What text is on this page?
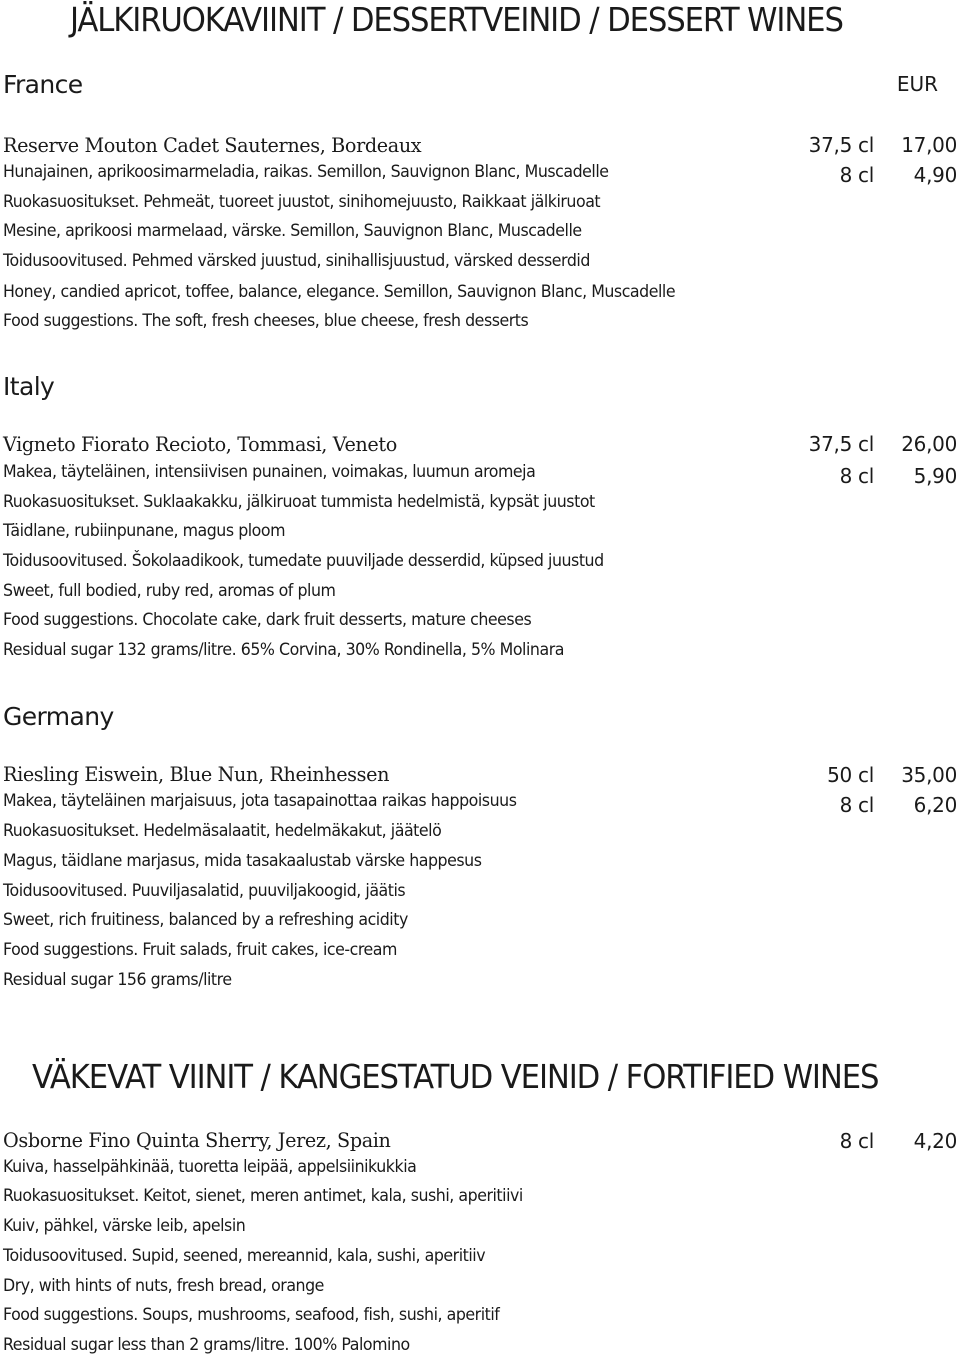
JÄLKIRUOKAVIINIT / DESSERTVEINID / DESSERT WINES
France	EUR
Reserve Mouton Cadet Sauternes, Bordeaux	37,5 cl 17,00
8 cl 4,90
Hunajainen, aprikoosimarmeladia, raikas. Semillon, Sauvignon Blanc, Muscadelle
Ruokasuositukset. Pehmeät, tuoreet juustot, sinihomejuusto, Raikkaat jälkiruoat
Mesine, aprikoosi marmelaad, värske. Semillon, Sauvignon Blanc, Muscadelle
Toidusoovitused. Pehmed värsked juustud, sinihallisjuustud, värsked desserdid
Honey, candied apricot, toffee, balance, elegance. Semillon, Sauvignon Blanc, Muscadelle
Food suggestions. The soft, fresh cheeses, blue cheese, fresh desserts
Italy
Vigneto Fiorato Recioto, Tommasi, Veneto	37,5 cl 26,00
8 cl 5,90
Makea, täyteläinen, intensiivisen punainen, voimakas, luumun aromeja
Ruokasuositukset. Suklaakakku, jälkiruoat tummista hedelmistä, kypsät juustot
Täidlane, rubiinpunane, magus ploom
Toidusoovitused. Šokolaadikook, tumedate puuviljade desserdid, küpsed juustud
Sweet, full bodied, ruby red, aromas of plum
Food suggestions. Chocolate cake, dark fruit desserts, mature cheeses
Residual sugar 132 grams/litre. 65% Corvina, 30% Rondinella, 5% Molinara
Germany
Riesling Eiswein, Blue Nun, Rheinhessen	50 cl 35,00
8 cl 6,20
Makea, täyteläinen marjaisuus, jota tasapainottaa raikas happoisuus
Ruokasuositukset. Hedelmäsalaatit, hedelmäkakut, jäätelö
Magus, täidlane marjasus, mida tasakaalustab värske happesus
Toidusoovitused. Puuviljasalatid, puuviljakoogid, jäätis
Sweet, rich fruitiness, balanced by a refreshing acidity
Food suggestions. Fruit salads, fruit cakes, ice-cream
Residual sugar 156 grams/litre
VÄKEVAT VIINIT / KANGESTATUD VEINID / FORTIFIED WINES
Osborne Fino Quinta Sherry, Jerez, Spain	8 cl 4,20
Kuiva, hasselpähkinää, tuoretta leipää, appelsiinikukkia
Ruokasuositukset. Keitot, sienet, meren antimet, kala, sushi, aperitiivi
Kuiv, pähkel, värske leib, apelsin
Toidusoovitused. Supid, seened, mereannid, kala, sushi, aperitiiv
Dry, with hints of nuts, fresh bread, orange
Food suggestions. Soups, mushrooms, seafood, fish, sushi, aperitif
Residual sugar less than 2 grams/litre. 100% Palomino
